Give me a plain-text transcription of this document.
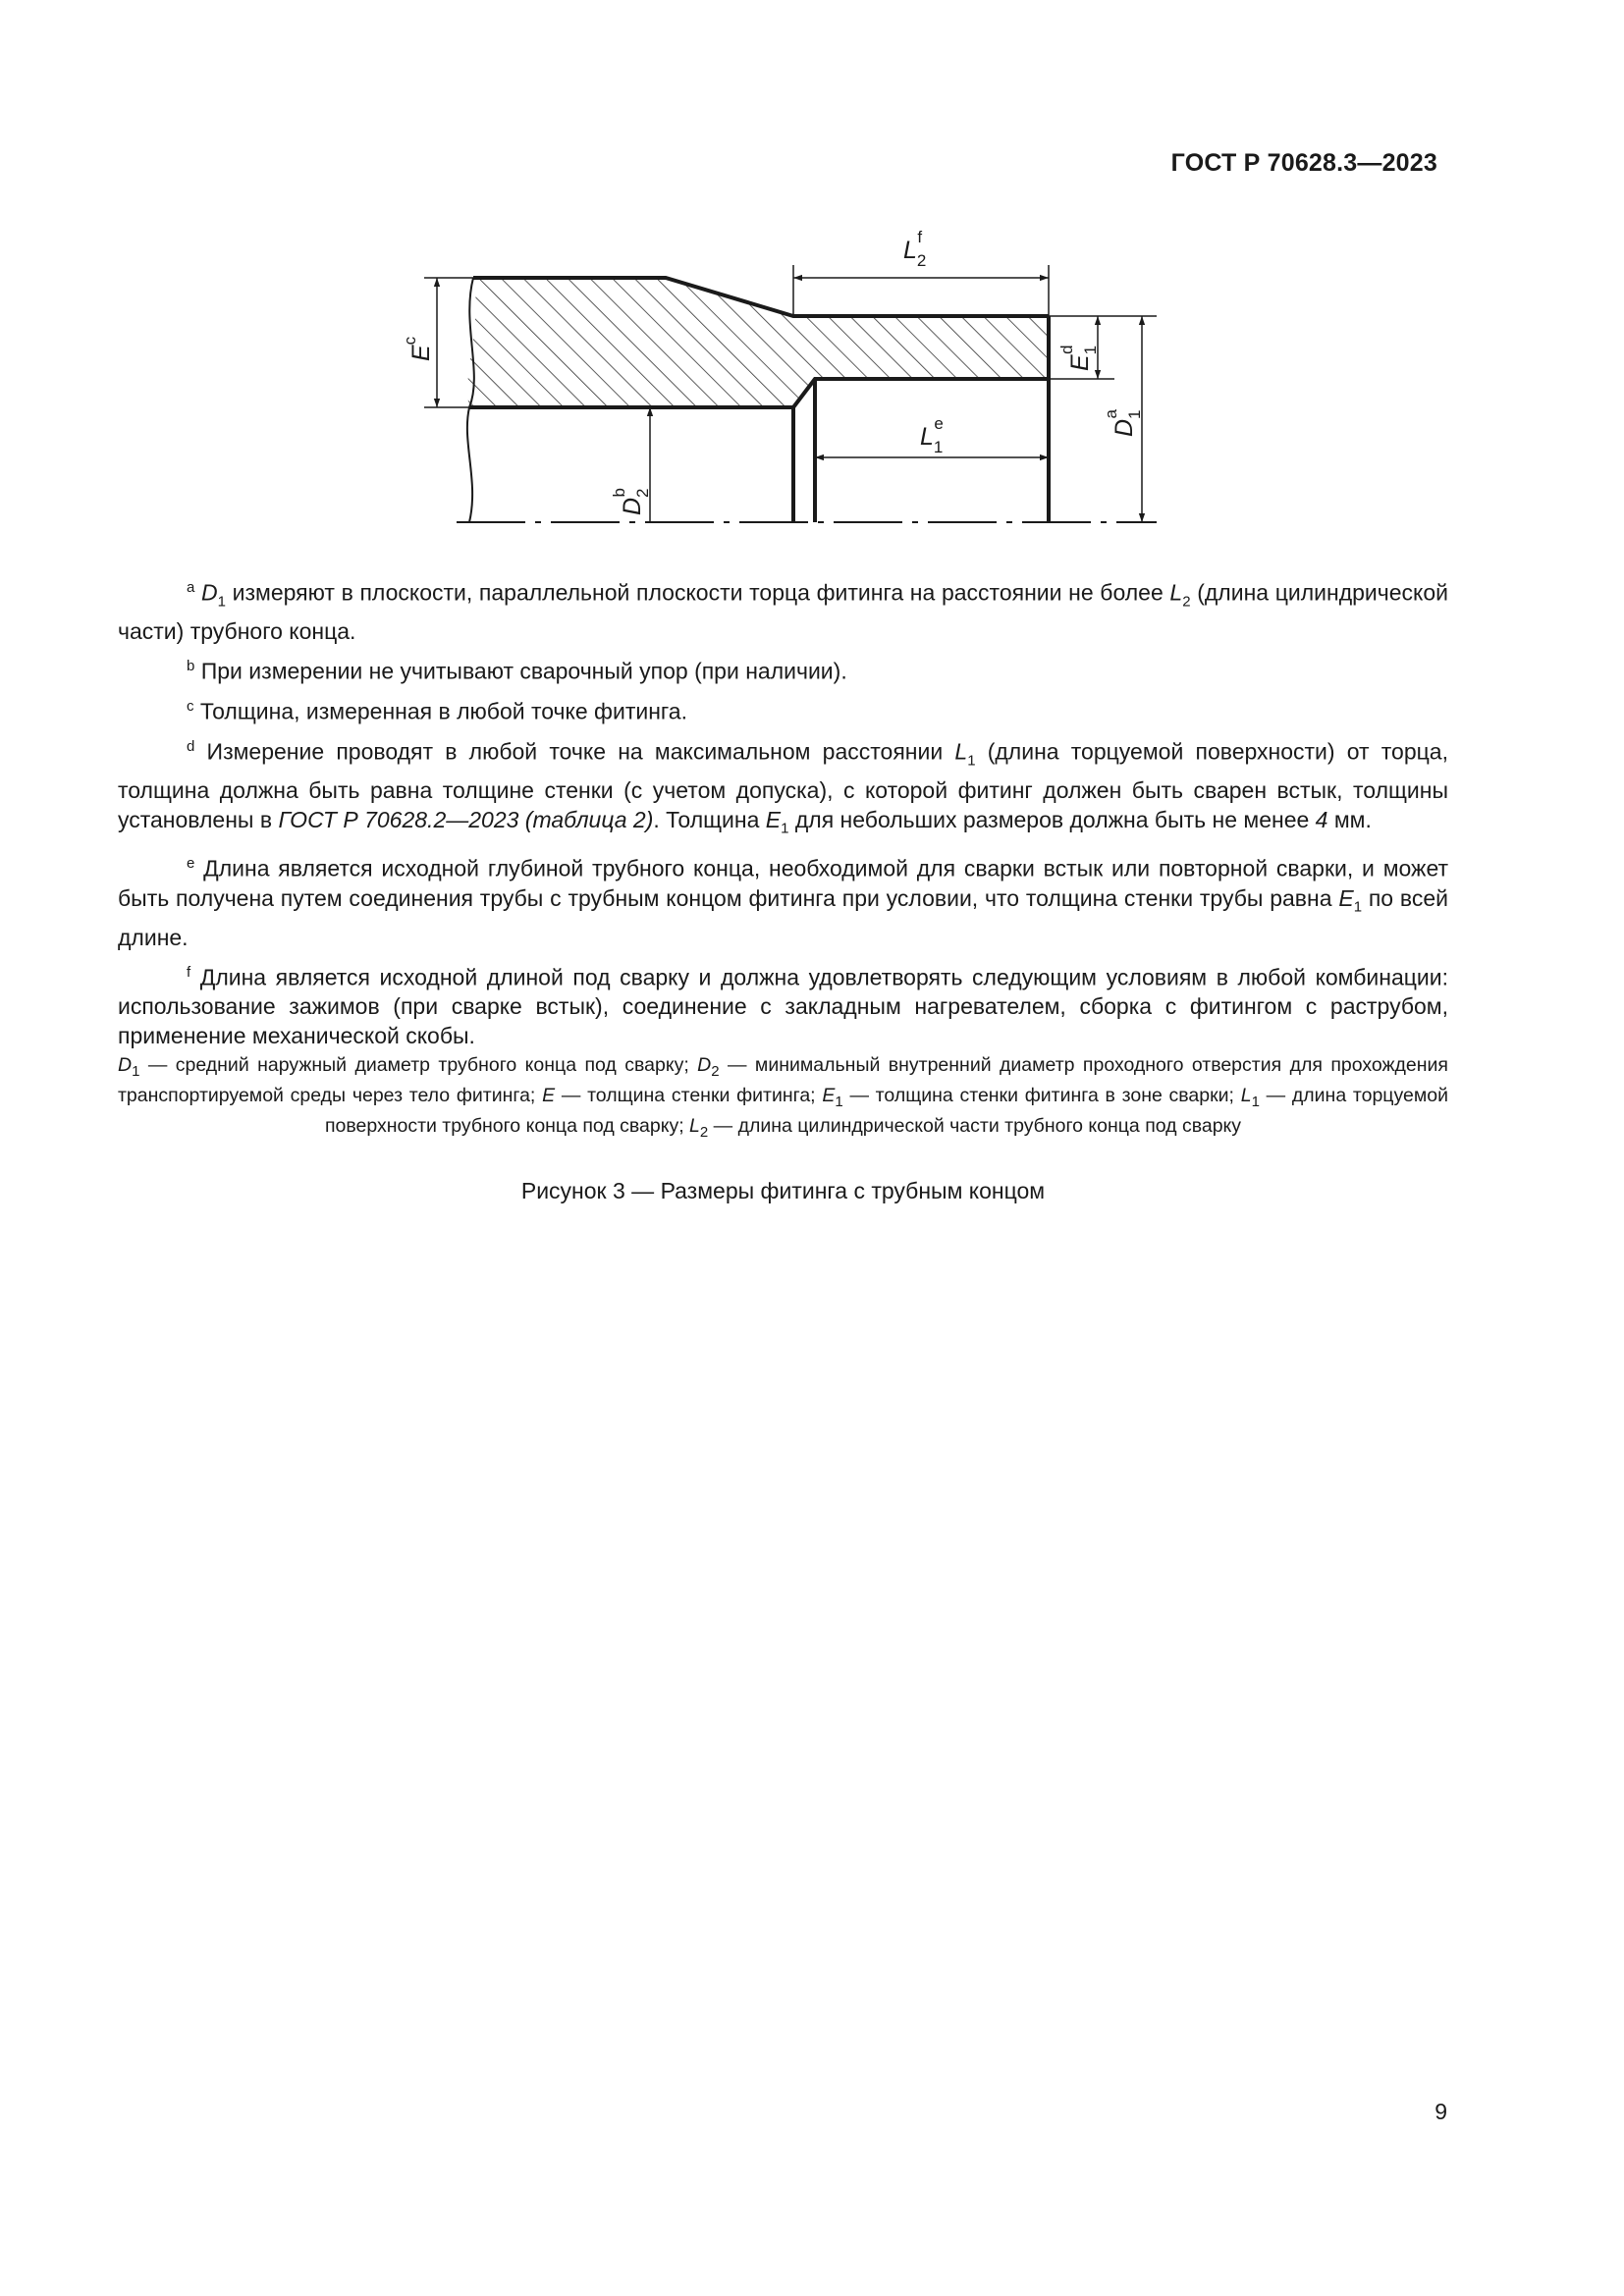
ГОСТ Р 70628.3—2023
$L_2f$
$L_1e$
$E^c$
$E_1d$
$D_1a$
$D_2b$

$^a$ $D_1$ измеряют в плоскости, параллельной плоскости торца фитинга на расстоянии не более $L_2$ (длина цилиндрической части) трубного конца.

$^b$ При измерении не учитывают сварочный упор (при наличии).

$^c$ Толщина, измеренная в любой точке фитинга.

$^d$ Измерение проводят в любой точке на максимальном расстоянии $L_1$ (длина торцуемой поверхности) от торца, толщина должна быть равна толщине стенки (с учетом допуска), с которой фитинг должен быть сварен встык, толщины установлены в ГОСТ Р 70628.2—2023 (таблица 2). Толщина $E_1$ для небольших размеров должна быть не менее 4 мм.

$^e$ Длина является исходной глубиной трубного конца, необходимой для сварки встык или повторной сварки, и может быть получена путем соединения трубы с трубным концом фитинга при условии, что толщина стенки трубы равна $E_1$ по всей длине.

$^f$ Длина является исходной длиной под сварку и должна удовлетворять следующим условиям в любой комбинации: использование зажимов (при сварке встык), соединение с закладным нагревателем, сборка с фитингом с раструбом, применение механической скобы.

$D_1$ — средний наружный диаметр трубного конца под сварку; $D_2$ — минимальный внутренний диаметр проходного отверстия для прохождения транспортируемой среды через тело фитинга; E — толщина стенки фитинга; $E_1$ — толщина стенки фитинга в зоне сварки; $L_1$ — длина торцуемой поверхности трубного конца под сварку; $L_2$ — длина цилиндрической части трубного конца под сварку
Рисунок 3 — Размеры фитинга с трубным концом
9
